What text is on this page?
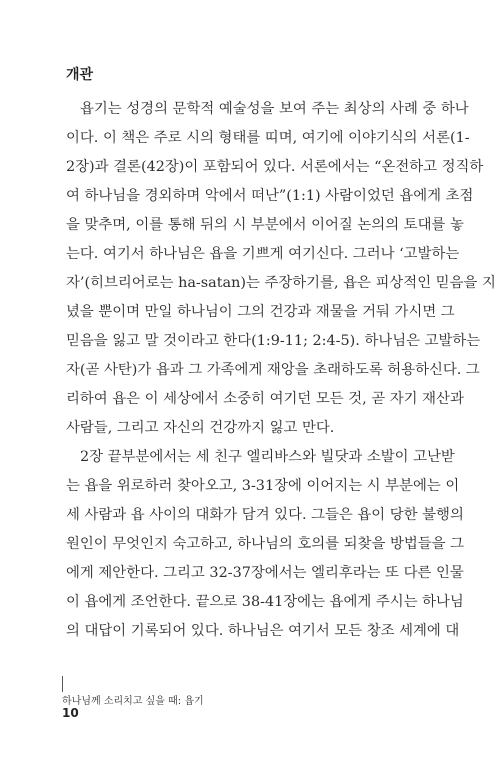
개관
욥기는 성경의 문학적 예술성을 보여 주는 최상의 사례 중 하나
이다. 이 책은 주로 시의 형태를 띠며, 여기에 이야기식의 서론(1-
2장)과 결론(42장)이 포함되어 있다. 서론에서는 “온전하고 정직하
여 하나님을 경외하며 악에서 떠난”(1:1) 사람이었던 욥에게 초점
을 맞추며, 이를 통해 뒤의 시 부분에서 이어질 논의의 토대를 놓
는다. 여기서 하나님은 욥을 기쁘게 여기신다. 그러나 ‘고발하는
자’(히브리어로는 ha-satan)는 주장하기를, 욥은 피상적인 믿음을 지
녔을 뿐이며 만일 하나님이 그의 건강과 재물을 거둬 가시면 그
믿음을 잃고 말 것이라고 한다(1:9-11; 2:4-5). 하나님은 고발하는
자(곧 사탄)가 욥과 그 가족에게 재앙을 초래하도록 허용하신다. 그
리하여 욥은 이 세상에서 소중히 여기던 모든 것, 곧 자기 재산과
사람들, 그리고 자신의 건강까지 잃고 만다.
2장 끝부분에서는 세 친구 엘리바스와 빌닷과 소발이 고난받
는 욥을 위로하러 찾아오고, 3-31장에 이어지는 시 부분에는 이
세 사람과 욥 사이의 대화가 담겨 있다. 그들은 욥이 당한 불행의
원인이 무엇인지 숙고하고, 하나님의 호의를 되찾을 방법들을 그
에게 제안한다. 그리고 32-37장에서는 엘리후라는 또 다른 인물
이 욥에게 조언한다. 끝으로 38-41장에는 욥에게 주시는 하나님
의 대답이 기록되어 있다. 하나님은 여기서 모든 창조 세계에 대

하나님께 소리치고 싶을 때: 욥기

10
